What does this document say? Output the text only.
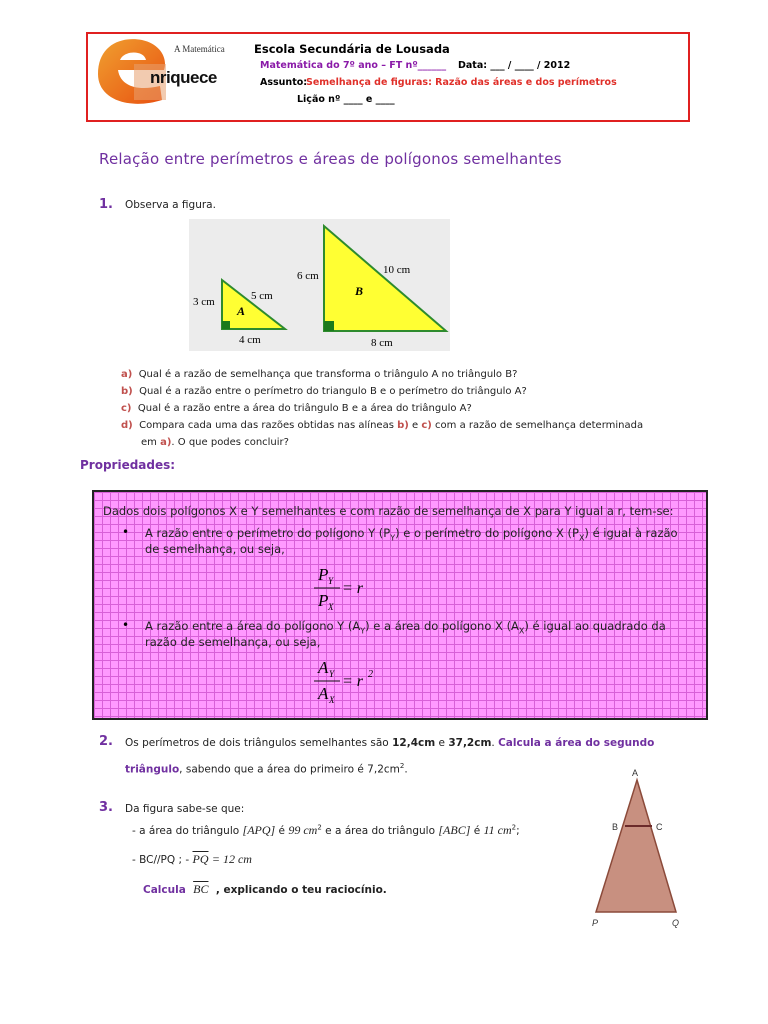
A Matemática
nriquece
Escola Secundária de Lousada
Matemática do 7º ano – FT nº______ Data: ___ / ____ / 2012
Assunto:
Semelhança de figuras: Razão das áreas e dos perímetros
Lição nº ____ e ____
Relação entre perímetros e áreas de polígonos semelhantes
1. Observa a figura.
3 cm	5 cm
4 cm
A
6 cm	10 cm
8 cm
B
a) Qual é a razão de semelhança que transforma o triângulo A no triângulo B?
b) Qual é a razão entre o perímetro do triangulo B e o perímetro do triângulo A?
c) Qual é a razão entre a área do triângulo B e a área do triângulo A?
d) Compara cada uma das razões obtidas nas alíneas b) e c) com a razão de semelhança determinada
em a). O que podes concluir?
Propriedades:
Dados dois polígonos X e Y semelhantes e com razão de semelhança de X para Y igual a r, tem-se:
• A razão entre o perímetro do polígono Y $(P_Y)$ e o perímetro do polígono X $(P_X)$ é igual à razão
de semelhança, ou seja,
P Y
P X
= r
• A razão entre a área do polígono Y $(A_Y)$ e a área do polígono X $(A_X)$ é igual ao quadrado da
razão de semelhança, ou seja,
A Y
A X
= r 2
2. Os perímetros de dois triângulos semelhantes são 12,4cm e 37,2cm. Calcula a área do segundo
triângulo, sabendo que a área do primeiro é $7,2cm^2$.
3. Da figura sabe-se que:
- a área do triângulo [APQ] é 99 $cm^2$ e a área do triângulo [ABC] é 11 $cm^2$;
- BC//PQ ; - $\overline{PQ} = 12$ cm
Calcula $\overline{BC}$ , explicando o teu raciocínio.
A
B	C
P	Q
